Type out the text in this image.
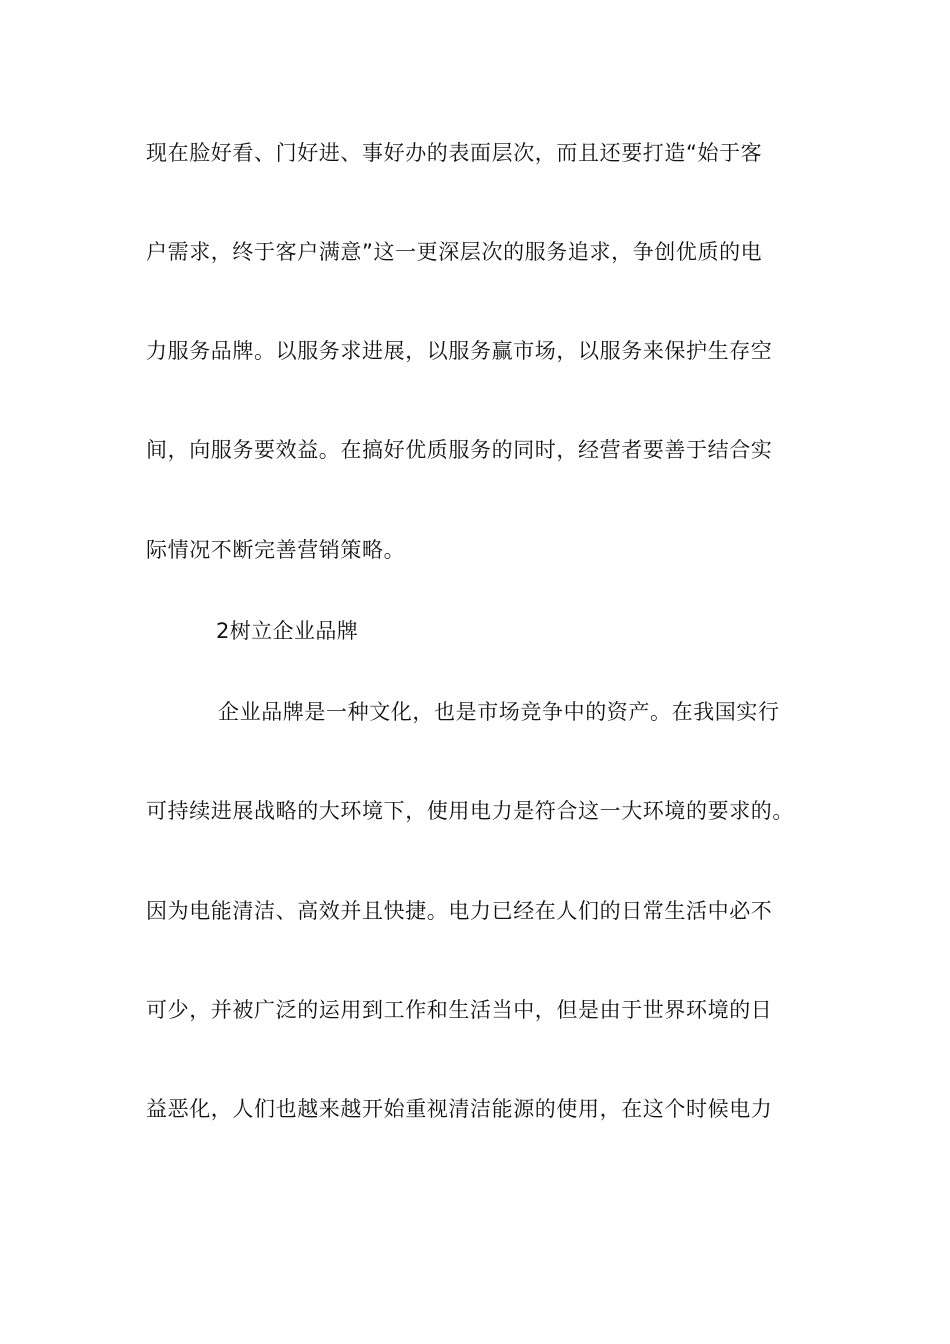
现在脸好看、门好进、事好办的表面层次，而且还要打造“始于客
户需求，终于客户满意”这一更深层次的服务追求，争创优质的电
力服务品牌。以服务求进展，以服务赢市场，以服务来保护生存空
间，向服务要效益。在搞好优质服务的同时，经营者要善于结合实
际情况不断完善营销策略。
2树立企业品牌
企业品牌是一种文化，也是市场竞争中的资产。在我国实行
可持续进展战略的大环境下，使用电力是符合这一大环境的要求的。
因为电能清洁、高效并且快捷。电力已经在人们的日常生活中必不
可少，并被广泛的运用到工作和生活当中，但是由于世界环境的日
益恶化，人们也越来越开始重视清洁能源的使用，在这个时候电力
